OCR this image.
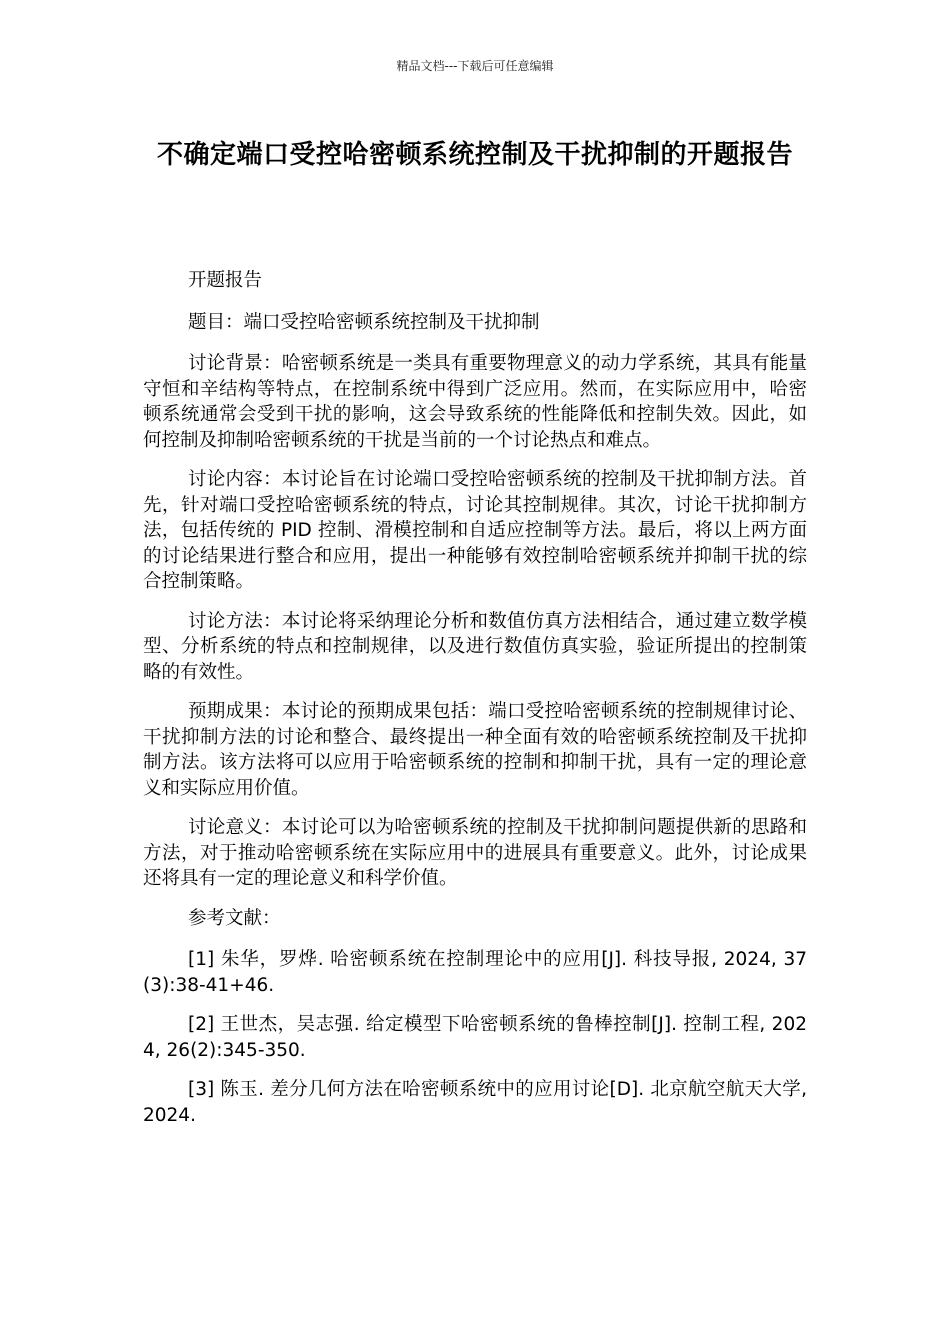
精品文档---下载后可任意编辑
不确定端口受控哈密顿系统控制及干扰抑制的开题报告

开题报告

题目：端口受控哈密顿系统控制及干扰抑制

讨论背景：哈密顿系统是一类具有重要物理意义的动力学系统，其具有能量守恒和辛结构等特点，在控制系统中得到广泛应用。然而，在实际应用中，哈密顿系统通常会受到干扰的影响，这会导致系统的性能降低和控制失效。因此，如何控制及抑制哈密顿系统的干扰是当前的一个讨论热点和难点。

讨论内容：本讨论旨在讨论端口受控哈密顿系统的控制及干扰抑制方法。首先，针对端口受控哈密顿系统的特点，讨论其控制规律。其次，讨论干扰抑制方法，包括传统的 PID 控制、滑模控制和自适应控制等方法。最后，将以上两方面的讨论结果进行整合和应用，提出一种能够有效控制哈密顿系统并抑制干扰的综合控制策略。

讨论方法：本讨论将采纳理论分析和数值仿真方法相结合，通过建立数学模型、分析系统的特点和控制规律，以及进行数值仿真实验，验证所提出的控制策略的有效性。

预期成果：本讨论的预期成果包括：端口受控哈密顿系统的控制规律讨论、干扰抑制方法的讨论和整合、最终提出一种全面有效的哈密顿系统控制及干扰抑制方法。该方法将可以应用于哈密顿系统的控制和抑制干扰，具有一定的理论意义和实际应用价值。

讨论意义：本讨论可以为哈密顿系统的控制及干扰抑制问题提供新的思路和方法，对于推动哈密顿系统在实际应用中的进展具有重要意义。此外，讨论成果还将具有一定的理论意义和科学价值。

参考文献：

[1] 朱华，罗烨. 哈密顿系统在控制理论中的应用[J]. 科技导报, 2024, 37(3):38-41+46.

[2] 王世杰，吴志强. 给定模型下哈密顿系统的鲁棒控制[J]. 控制工程, 2024, 26(2):345-350.

[3] 陈玉. 差分几何方法在哈密顿系统中的应用讨论[D]. 北京航空航天大学, 2024.
